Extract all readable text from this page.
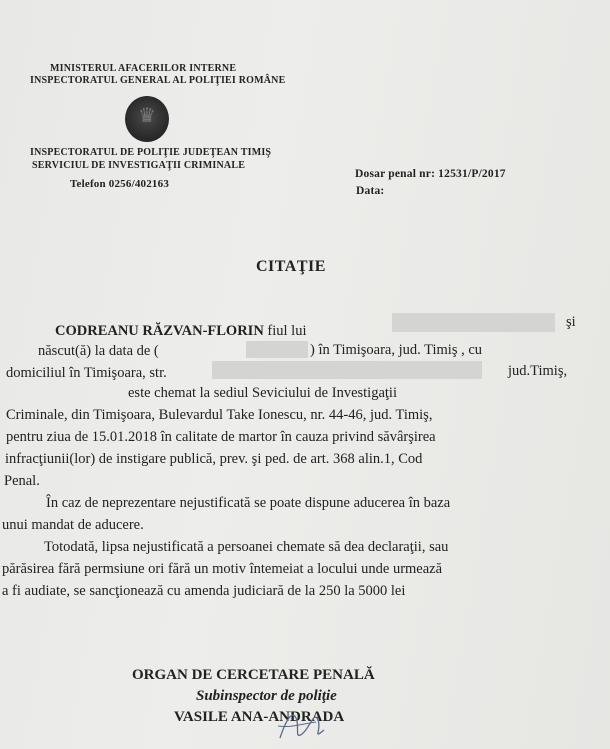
MINISTERUL AFACERILOR INTERNE
INSPECTORATUL GENERAL AL POLIŢIEI ROMÂNE
♛
INSPECTORATUL DE POLIŢIE JUDEŢEAN TIMIŞ
SERVICIUL DE INVESTIGAŢII CRIMINALE
Telefon 0256/402163
Dosar penal nr: 12531/P/2017
Data:
CITAŢIE
CODREANU RĂZVAN-FLORIN fiul lui
şi
născut(ă) la data de (	) în Timişoara, jud. Timiş , cu
domiciliul în Timişoara, str.	jud.Timiş,
este chemat la sediul Seviciului de Investigaţii
Criminale, din Timişoara, Bulevardul Take Ionescu, nr. 44-46, jud. Timiş,
pentru ziua de 15.01.2018 în calitate de martor în cauza privind săvârşirea
infracţiunii(lor) de instigare publică, prev. şi ped. de art. 368 alin.1, Cod
Penal.
În caz de neprezentare nejustificată se poate dispune aducerea în baza
unui mandat de aducere.
Totodată, lipsa nejustificată a persoanei chemate să dea declaraţii, sau
părăsirea fără permsiune ori fără un motiv întemeiat a locului unde urmează
a fi audiate, se sancţionează cu amenda judiciară de la 250 la 5000 lei
ORGAN DE CERCETARE PENALĂ
Subinspector de poliţie
VASILE ANA-ANDRADA
